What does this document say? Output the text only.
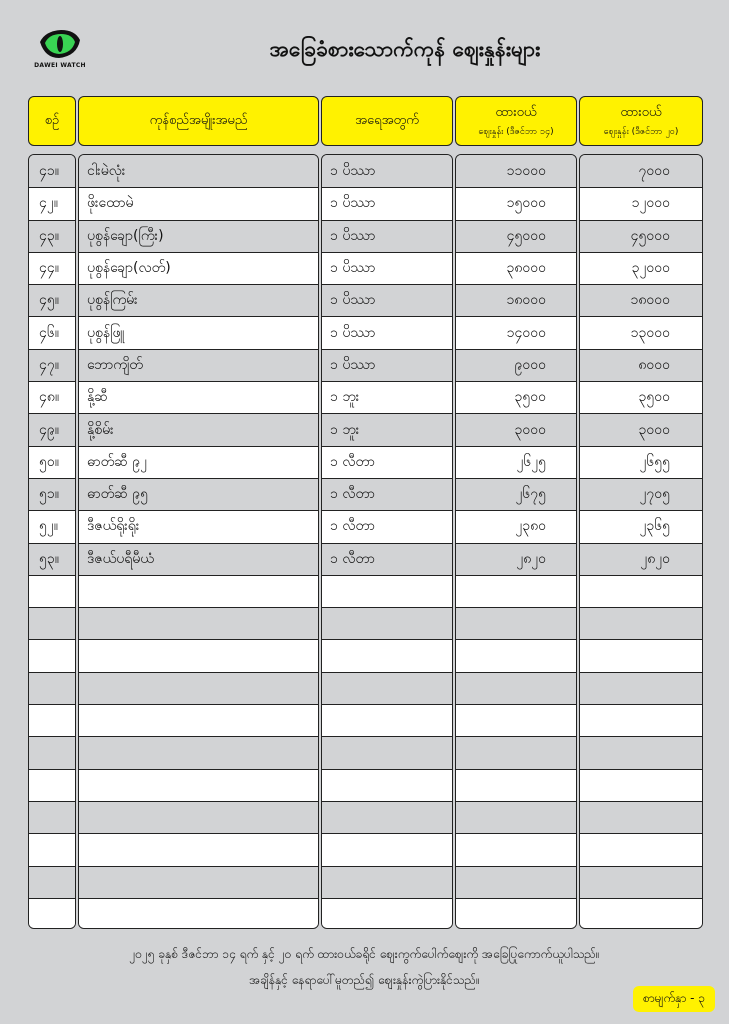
DAWEI WATCH
အခြေခံစားသောက်ကုန် ဈေးနှုန်းများ
စဉ်	ကုန်စည်အမျိုးအမည်	အရေအတွက်
ထားဝယ်
ဈေးနှုန်း (ဒီဇင်ဘာ ၁၄)
ထားဝယ်
ဈေးနှုန်း (ဒီဇင်ဘာ ၂၀)
၄၁။
၄၂။
၄၃။
၄၄။
၄၅။
၄၆။
၄၇။
၄၈။
၄၉။
၅၀။
၅၁။
၅၂။
၅၃။
ငါးမဲလုံး
ဖိုးထောမဲ
ပုစွန်ချော(ကြီး)
ပုစွန်ချော(လတ်)
ပုစွန်ကြမ်း
ပုစွန်ဖြူ
ဘောကျိတ်
နို့ဆီ
နို့စိမ်း
ဓာတ်ဆီ ၉၂
ဓာတ်ဆီ ၉၅
ဒီဇယ်ရိုးရိုး
ဒီဇယ်ပရီမီယံ
၁ ပိဿာ
၁ ပိဿာ
၁ ပိဿာ
၁ ပိဿာ
၁ ပိဿာ
၁ ပိဿာ
၁ ပိဿာ
၁ ဘူး
၁ ဘူး
၁ လီတာ
၁ လီတာ
၁ လီတာ
၁ လီတာ
၁၁၀၀၀
၁၅၀၀၀
၄၅၀၀၀
၃၈၀၀၀
၁၈၀၀၀
၁၄၀၀၀
၉၀၀၀
၃၅၀၀
၃၀၀၀
၂၆၂၅
၂၆၇၅
၂၃၈၀
၂၈၂၀
၇၀၀၀
၁၂၀၀၀
၄၅၀၀၀
၃၂၀၀၀
၁၈၀၀၀
၁၃၀၀၀
၈၀၀၀
၃၅၀၀
၃၀၀၀
၂၆၅၅
၂၇၀၅
၂၃၆၅
၂၈၂၀
၂၀၂၅ ခုနှစ် ဒီဇင်ဘာ ၁၄ ရက် နှင့် ၂၀ ရက် ထားဝယ်ခရိုင် ဈေးကွက်ပေါက်ဈေးကို အခြေပြုကောက်ယူပါသည်။
အချိန်နှင့် နေရာပေါ်မူတည်၍ ဈေးနှုန်းကွဲပြားနိုင်သည်။
စာမျက်နှာ - ၃
